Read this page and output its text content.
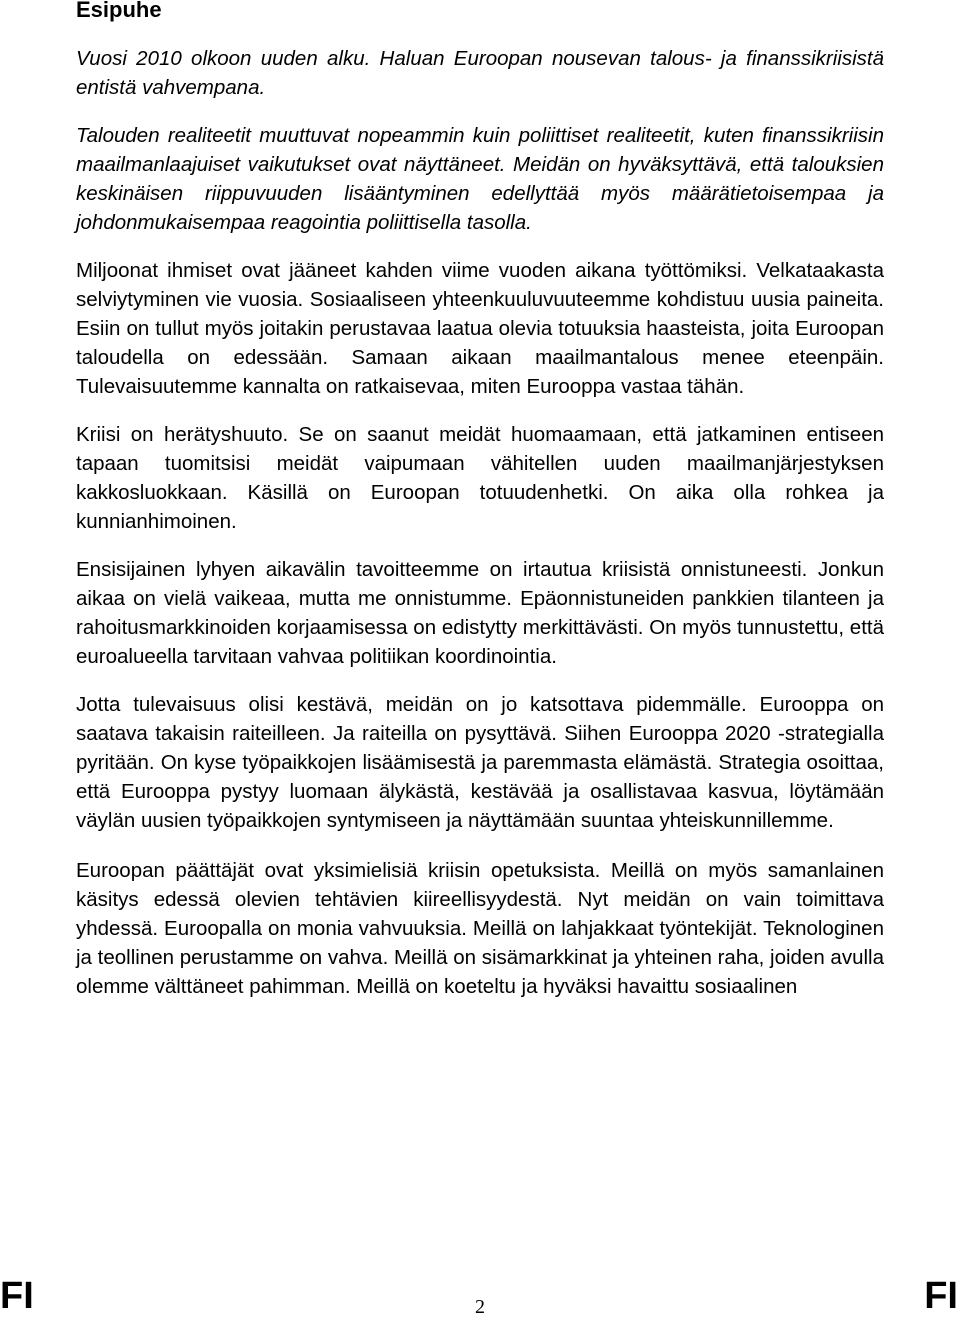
Esipuhe

Vuosi 2010 olkoon uuden alku. Haluan Euroopan nousevan talous- ja finanssikriisistä entistä vahvempana.

Talouden realiteetit muuttuvat nopeammin kuin poliittiset realiteetit, kuten finanssikriisin maailmanlaajuiset vaikutukset ovat näyttäneet. Meidän on hyväksyttävä, että talouksien keskinäisen riippuvuuden lisääntyminen edellyttää myös määrätietoisempaa ja johdonmukaisempaa reagointia poliittisella tasolla.

Miljoonat ihmiset ovat jääneet kahden viime vuoden aikana työttömiksi. Velkataakasta selviytyminen vie vuosia. Sosiaaliseen yhteenkuuluvuuteemme kohdistuu uusia paineita. Esiin on tullut myös joitakin perustavaa laatua olevia totuuksia haasteista, joita Euroopan taloudella on edessään. Samaan aikaan maailmantalous menee eteenpäin. Tulevaisuutemme kannalta on ratkaisevaa, miten Eurooppa vastaa tähän.

Kriisi on herätyshuuto. Se on saanut meidät huomaamaan, että jatkaminen entiseen tapaan tuomitsisi meidät vaipumaan vähitellen uuden maailmanjärjestyksen kakkosluokkaan. Käsillä on Euroopan totuudenhetki. On aika olla rohkea ja kunnianhimoinen.

Ensisijainen lyhyen aikavälin tavoitteemme on irtautua kriisistä onnistuneesti. Jonkun aikaa on vielä vaikeaa, mutta me onnistumme. Epäonnistuneiden pankkien tilanteen ja rahoitusmarkkinoiden korjaamisessa on edistytty merkittävästi. On myös tunnustettu, että euroalueella tarvitaan vahvaa politiikan koordinointia.

Jotta tulevaisuus olisi kestävä, meidän on jo katsottava pidemmälle. Eurooppa on saatava takaisin raiteilleen. Ja raiteilla on pysyttävä. Siihen Eurooppa 2020 -strategialla pyritään. On kyse työpaikkojen lisäämisestä ja paremmasta elämästä. Strategia osoittaa, että Eurooppa pystyy luomaan älykästä, kestävää ja osallistavaa kasvua, löytämään väylän uusien työpaikkojen syntymiseen ja näyttämään suuntaa yhteiskunnillemme.

Euroopan päättäjät ovat yksimielisiä kriisin opetuksista. Meillä on myös samanlainen käsitys edessä olevien tehtävien kiireellisyydestä. Nyt meidän on vain toimittava yhdessä. Euroopalla on monia vahvuuksia. Meillä on lahjakkaat työntekijät. Teknologinen ja teollinen perustamme on vahva. Meillä on sisämarkkinat ja yhteinen raha, joiden avulla olemme välttäneet pahimman. Meillä on koeteltu ja hyväksi havaittu sosiaalinen

FI	2	FI
